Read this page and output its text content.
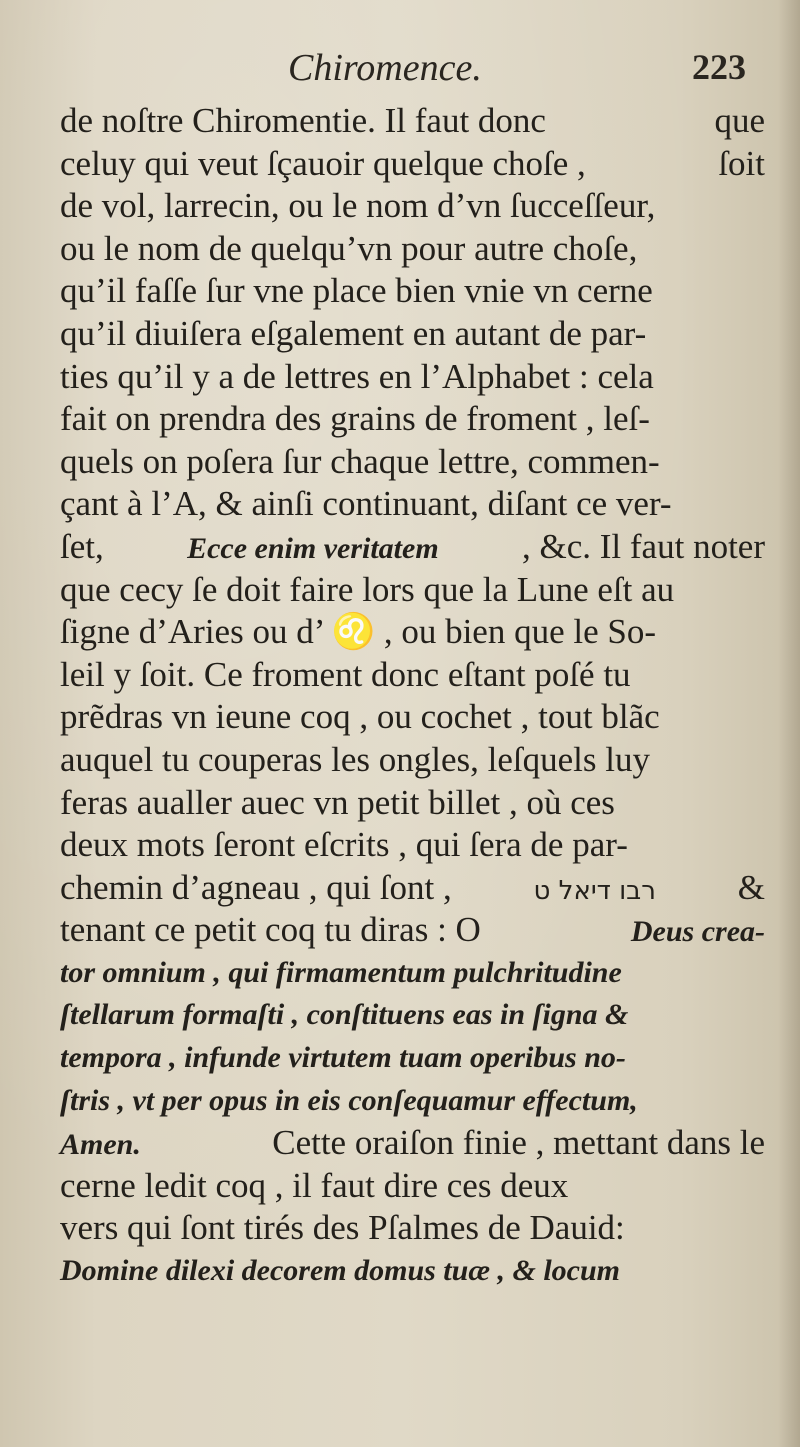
Chiromence.	223
de noſtre Chiromentie. Il faut donc	que
celuy qui veut ſçauoir quelque choſe ,	ſoit
de vol, larrecin, ou le nom d’vn ſucceſſeur,
ou le nom de quelqu’vn pour autre choſe,
qu’il faſſe ſur vne place bien vnie vn cerne
qu’il diuiſera eſgalement en autant de par-
ties qu’il y a de lettres en l’Alphabet : cela
fait on prendra des grains de froment , leſ-
quels on poſera ſur chaque lettre, commen-
çant à l’A, & ainſi continuant, diſant ce ver-
ſet,	Ecce enim veritatem , &c. Il faut noter
que cecy ſe doit faire lors que la Lune eſt au
ſigne d’Aries ou d’ ♌ , ou bien que le So-
leil y ſoit. Ce froment donc eſtant poſé tu
prẽdras vn ieune coq , ou cochet , tout blãc
auquel tu couperas les ongles, leſquels luy
feras aualler auec vn petit billet , où ces
deux mots ſeront eſcrits , qui ſera de par-
chemin d’agneau , qui ſont ,	רבו דיאל ט &
tenant ce petit coq tu diras : O	Deus crea-
tor omnium , qui firmamentum pulchritudine
ſtellarum formaſti , conſtituens eas in ſigna &
tempora , infunde virtutem tuam operibus no-
ſtris , vt per opus in eis conſequamur effectum,
Amen.	Cette oraiſon finie , mettant dans le
cerne ledit coq , il faut dire ces deux
vers qui ſont tirés des Pſalmes de Dauid:
Domine dilexi decorem domus tuæ , & locum
